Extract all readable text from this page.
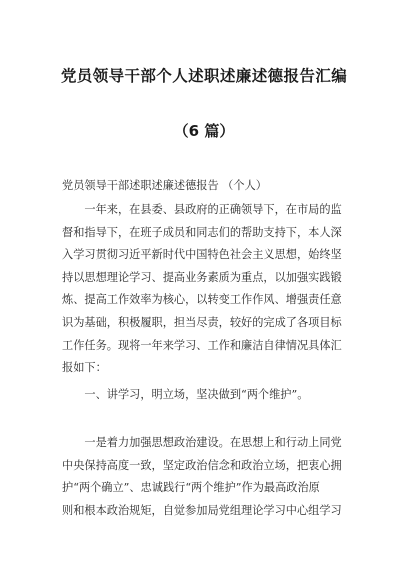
党员领导干部个人述职述廉述德报告汇编
（6 篇）
党员领导干部述职述廉述德报告 （个人）
一年来，在县委、县政府的正确领导下，在市局的监
督和指导下，在班子成员和同志们的帮助支持下，本人深
入学习贯彻习近平新时代中国特色社会主义思想，始终坚
持以思想理论学习、提高业务素质为重点，以加强实践锻
炼、提高工作效率为核心，以转变工作作风、增强责任意
识为基础，积极履职，担当尽责，较好的完成了各项目标
工作任务。现将一年来学习、工作和廉洁自律情况具体汇
报如下：
一、讲学习，明立场，坚决做到“两个维护”。
一是着力加强思想政治建设。在思想上和行动上同党
中央保持高度一致，坚定政治信念和政治立场，把衷心拥
护“两个确立”、忠诚践行“两个维护”作为最高政治原
则和根本政治规矩，自觉参加局党组理论学习中心组学习
